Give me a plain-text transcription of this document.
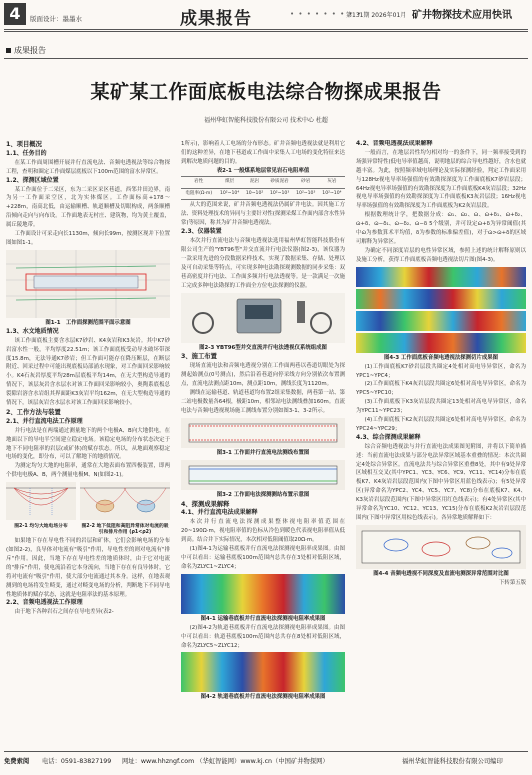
4	版面设计：墨墨水	成果报告	• • • • • • • • •
第131期 2026年01月 矿井物探技术应用快讯
成果报告
某矿某工作面底板电法综合物探成果报告
福州华虹智能科技股份有限公司 技术中心 杜超
1、项目概况
1.1、任务目的

在某工作面周围槽开展并行直流电法、音频电透视法等综合物探工程，查明和圈定工作面煤层底板以下100m范围的富水异常区。

1.2、探测区域位置

某工作面位于二采区，东为二采区采区巷道，西邻井田边界，南为另一工作面采空区，北为实体煤区。工作面标高+178～+228m，南高北低，由运输顺槽、轨道顺槽及切眼构成，两条顺槽沿倾向走向与向布设。工作面地表无村庄、建筑物，均为黄土覆盖，属丘陵地带。

工作面设计可采走向长1130m，倾向长99m，按测区现并下位置图如图1-1。

图1-1　工作面探测范围平面示意图
1.3、水文地质情况

该工作面底板主要含水层K7砂岩、K4灰岩和K3灰岩。其中K7砂岩富水性一般，平均厚度22.51m；该工作面底板受动导水破坏带深度15.8m，无法导通K7砂岩；但工作面可能存在降压断层，在断层附近、回采过程中可能出现底板局部涌水现象，对工作面回采影响较小。K4石灰岩厚度平均28m层底板平均14m，在无大型构造导通的情况下，该层灰岩含水层水对该工作面回采影响较小，奥陶系底板总裂隙岩溶含水岩组其界面距K3灰岩平均162m，在无大型构造导通的情况下，该层灰岩含水层水对该工作面回采影响较小。

2、工作方法与装置
2.1、并行直流电法工作原理

并行电法是在两端通过测量地下的两个电极A、B向大地供电，在地面以下的导电半空间建立稳定电场。该稳定电场的分布状态决定于地下不同电阻率的岩层(或矿体)的赋存状态。所以，从地面观察稳定电场的变化，即分布，可以了解地下的地质情况。

为测定均匀大地的电阻率，通常在大地表面布置四极装置，即两个供电电极A、B，两个测量电极M、N(如图2-1)。

图2-1 均匀大地电场分布	图2-2 地下低阻和高阻异常体对电流的吸引和排斥作用 (ρ1<ρ2)

如果地下存在导电性不同的岩层和矿体，它们会影响电场的分布(如图2-2)，良导体对电流有"吸引"作用，导电性差的则对电流有"排斥"作用。因此，当地下存在导电性差的地质体时，由于它对电流的"排斥"作用，使电流沿着它本身流向，当地下存在有良导体时，它将对电流有"吸引"作用，使大部分电流通过其本身。这样，在地表观测到的电场将发生畸变，通过对畸变电场的分析，判断地下不同导电性地质体的赋存状态，这就是电阻率法的基本原理。

2.2、音频电透视法工作原理

由于地下各种岩石之间存在导电差异(表2-

1所示)，影响着人工电场的分布形态。矿井音频电透视法就是利用它们的这种差异，在地下巷道或工作面中采集人工电场的变化特征来达到解决地质问题的目的。

表2-1 一般煤系地层常见岩石电阻率值
岩性	煤层	泥岩	砂质泥岩	砂岩	灰岩
电阻率(Ω·m)	10²~10⁴	10~10²	10²~10³	10²~10³	10²~10⁴

从大的范围来说，矿井音频电透视法仍属矿井电法。因其施工方法、资料处理技术的异同与主要针对性(探测采煤工作面内部含水性异常)等原因，称其为矿井音频电透视法。

2.3、仪器装置

本次并行直流电法与音频电透视法选用福州华虹智能科技股份有限公司生产的"YBT96型"并交直流并行电法仪器(图2-3)，该仪器为一款采用先进的分段数据采样技术，实现了数据采集、存储、处理以及可自动采集等特点，可实现多种电法勘探观测数据的同步采集：双巷高密度并行电法、工作面多频并行电法透视等。是一款满足一次施工完成多种电法勘探的工作面全方位电法探测的仪器。

图2-3 YBT96型并交直流并行电法透视仪系统组成图
3、施工布置

现场直流电法和音频电透视分别在工作面两巷以巷道切眼处为探测起始测点(0号测点)，然后沿着巷道向停采线方向分别依次布置测点，直流电法测点距10m，测点距10m，测线长度为1120m。

测线在运输巷道、轨道巷道均布置2组采集数据，两巷第一站、第二站电极数量各64根，极距10m，相邻站电法测线叠加160m。直流电法与音频电透视现场施工测线布置分别如图3-1、3-2所示。

图3-1 工作面并行直流电法测线布置图
图3-2 工作面电法探测测站布置示意图
4、探测成果解释
4.1、并行直流电法成果解释

本次并行直流电法探测成果整体视电阻率值范围在20~190Ω·m，视电阻率值的色标从冷色到暖色代表视电阻率值从低到高。结合井下实际情况，本次相对低阻阈值取20Ω·m。

(1)图4-1为运输巷底板并行直流电法探测视电阻率成果图。由图中可以看出：运输巷底板100m范围内总共存在3处相对低阻区域，命名为ZLYC1~ZLYC4；

图4-1 运输巷底板并行直流电法探测视电阻率成果图

(2)图4-2为轨道巷底板并行直流电法探测视电阻率成果图。由图中可以看出：轨道巷底板100m范围内总共存在8处相对低阻区域，命名为ZLYC5~ZLYC12；

图4-2 轨道巷底板并行直流电法探测视电阻率成果图
4.2、音频电透视法成果解释

一般而言，在地层岩性均匀相对均一的条件下，同一频率接受到的场强异常特性(低电导率值越高，说明地层的综合导电性越好，含水也就越丰富。为此，按照频率域电场理论及实际探测经验，判定工作面采用与128Hz视电导率场强值的有效勘探深度为工作面底板K7砂岩层段；64Hz视电导率场强值的有效勘探深度为工作面底板K4灰岩层段；32Hz视电导率场强值的有效勘探深度为工作面底板K3灰岩层段；16Hz视电导率场强值的有效勘探深度为工作面底板为K2灰岩层段。

根据数理统计学，把数据分成：ω̄₁、ω̄₂、ω̄、ω̄+δ₁、ω̄+δ₂、ω̄+δ、ω̄−δ₁、ω̄−δ₂、ω̄−δ 5个级别，并可设定ω̄+δ为异常阈值(其中ω̄为参数算术平均值，δ为参数的标准偏差值)，对于ω̄>ω̄+δ的区域可解释为异常区。

为确定不同深度岩层的电性异常区域，参照上述的统计解释原则以及施工分析，获得工作面底板音频电透视法切片图(图4-3)。

图4-3 工作面底板音频电透视法探测切片成果图

(1)工作面底板K7砂岩层段共圈定4处相对高电导异常区，命名为YPC1~YPC4；

(2)工作面底板下K4灰岩层段共圈定6处相对高电导异常区，命名为YPC5~YPC10；

(3)工作面底板下K3灰岩层段共圈定13处相对高电导异常区，命名为YPC11~YPC23；

(4)工作面底板下K2灰岩层段共圈定6处相对高电导异常区，命名为YPC24~YPC29；

4.3、综合探测成果解释

综合音频电透视法与并行直流电法成果图见附图，并将以下简单描述：当前直流电法成果与部分电法异常区域基本重叠的情况：本次共圈定4处综合异常区。直流电法共与综合异常区重叠8处，其中有9处异常区域相互交叉(其中YPC1、YC3、YC6、YC9、YC11、YC14)分布在底板K7、K4灰岩岩层段范围内(下图中异常区用蓝色线表示)；有5处异常区(异常命名为YPC2、YC4、YC5、YC7、YC8)分布在底板K7、K4、K3灰岩岩层段范围内(下图中异常区用红色线表示)；有4处异常区(其中异常命名为YC10、YC12、YC13、YC15)分布在底板K2灰岩岩层段范围内(下图中异常区用棕色线表示)。各异常地质解释如下：

图4-4 音频电透视不同深度及直流电测深异常范围对比图
下转第五版
免费索阅 电话：0591-83827199 网址：www.hhzngf.com （华虹智能网）www.kj.cn（中国矿井物探网）	福州华虹智能科技股份有限公司编印
